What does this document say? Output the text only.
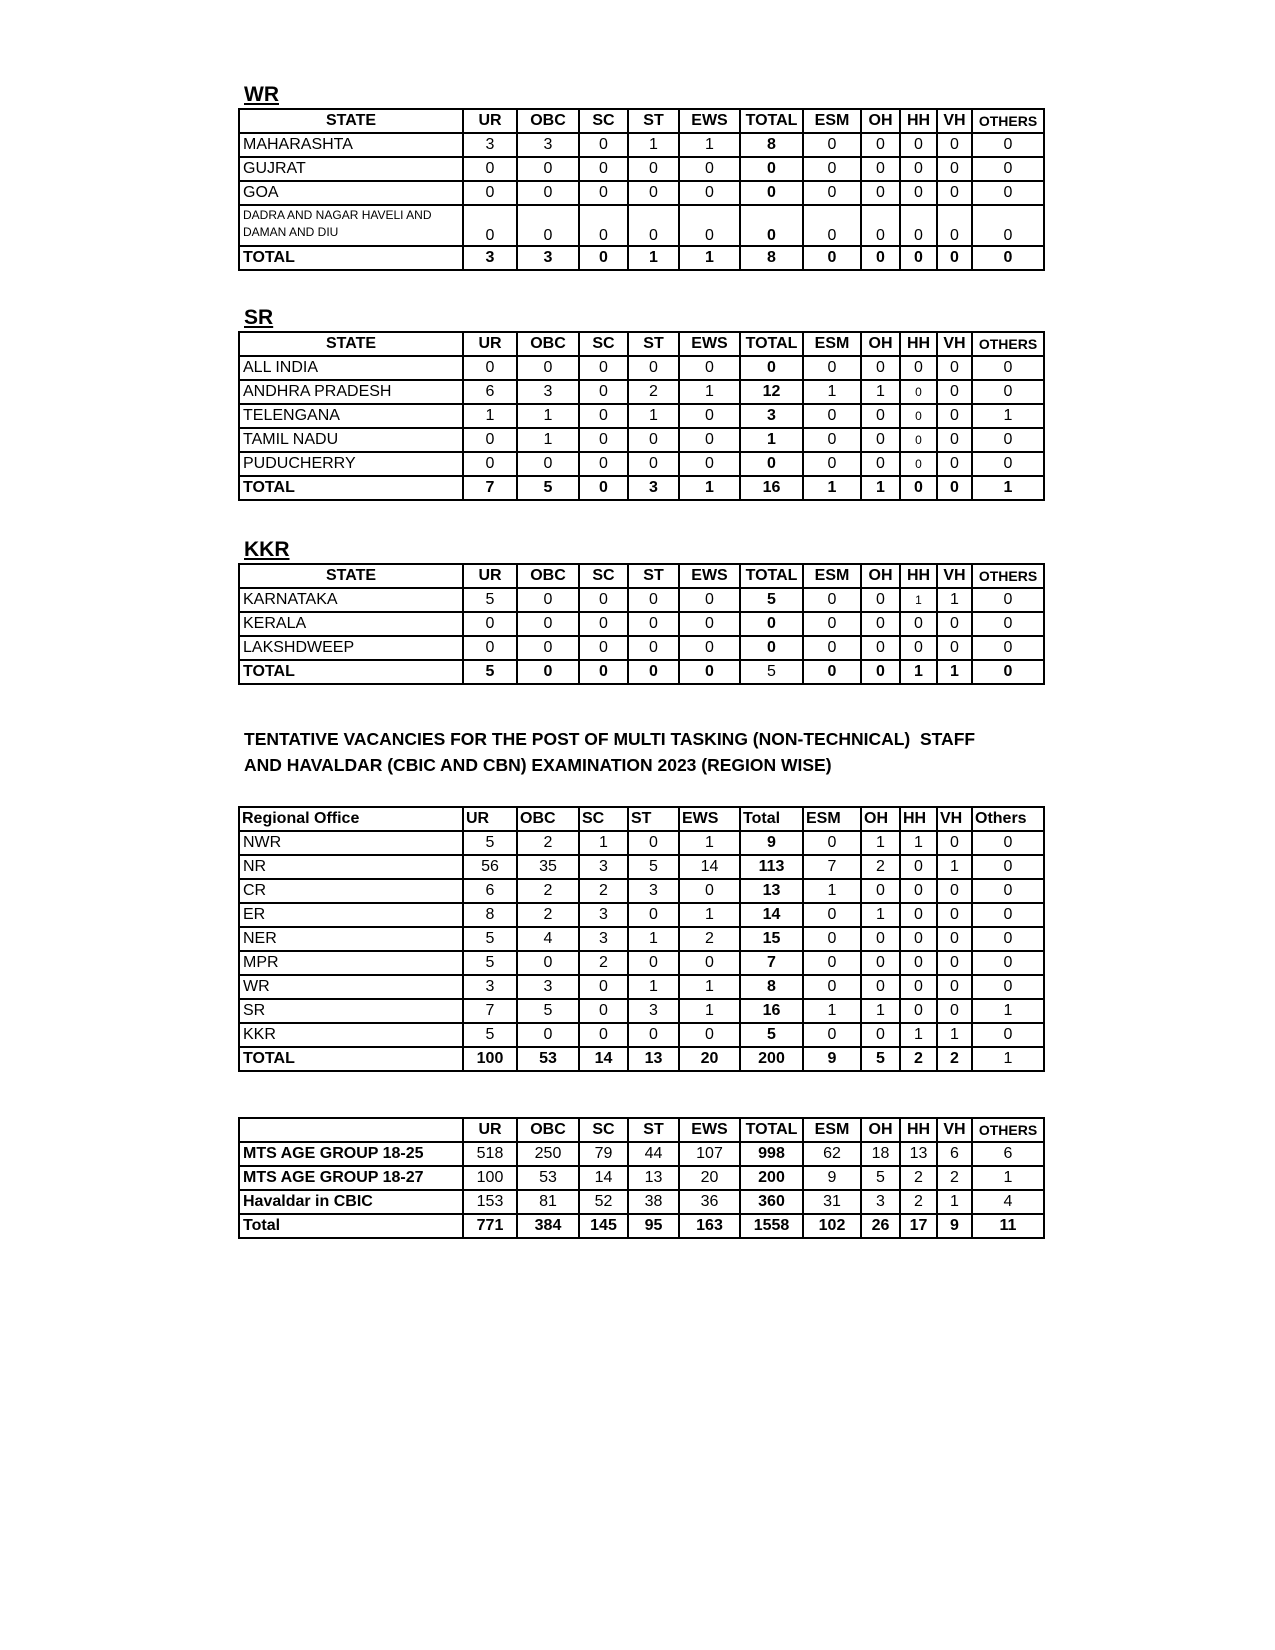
WR
STATE	UR	OBC	SC	ST	EWS	TOTAL	ESM	OH	HH	VH	OTHERS
MAHARASHTA	3	3	0	1	1	8	0	0	0	0	0
GUJRAT	0	0	0	0	0	0	0	0	0	0	0
GOA	0	0	0	0	0	0	0	0	0	0	0
DADRA AND NAGAR HAVELI AND DAMAN AND DIU	0	0	0	0	0	0	0	0	0	0	0
TOTAL	3	3	0	1	1	8	0	0	0	0	0
SR
STATE	UR	OBC	SC	ST	EWS	TOTAL	ESM	OH	HH	VH	OTHERS
ALL INDIA	0	0	0	0	0	0	0	0	0	0	0
ANDHRA PRADESH	6	3	0	2	1	12	1	1	0	0	0
TELENGANA	1	1	0	1	0	3	0	0	0	0	1
TAMIL NADU	0	1	0	0	0	1	0	0	0	0	0
PUDUCHERRY	0	0	0	0	0	0	0	0	0	0	0
TOTAL	7	5	0	3	1	16	1	1	0	0	1
KKR
STATE	UR	OBC	SC	ST	EWS	TOTAL	ESM	OH	HH	VH	OTHERS
KARNATAKA	5	0	0	0	0	5	0	0	1	1	0
KERALA	0	0	0	0	0	0	0	0	0	0	0
LAKSHDWEEP	0	0	0	0	0	0	0	0	0	0	0
TOTAL	5	0	0	0	0	5	0	0	1	1	0
TENTATIVE VACANCIES FOR THE POST OF MULTI TASKING (NON-TECHNICAL)  STAFF
AND HAVALDAR (CBIC AND CBN) EXAMINATION 2023 (REGION WISE)
Regional Office	UR	OBC	SC	ST	EWS	Total	ESM	OH	HH	VH	Others
NWR	5	2	1	0	1	9	0	1	1	0	0
NR	56	35	3	5	14	113	7	2	0	1	0
CR	6	2	2	3	0	13	1	0	0	0	0
ER	8	2	3	0	1	14	0	1	0	0	0
NER	5	4	3	1	2	15	0	0	0	0	0
MPR	5	0	2	0	0	7	0	0	0	0	0
WR	3	3	0	1	1	8	0	0	0	0	0
SR	7	5	0	3	1	16	1	1	0	0	1
KKR	5	0	0	0	0	5	0	0	1	1	0
TOTAL	100	53	14	13	20	200	9	5	2	2	1
	UR	OBC	SC	ST	EWS	TOTAL	ESM	OH	HH	VH	OTHERS
MTS AGE GROUP 18-25	518	250	79	44	107	998	62	18	13	6	6
MTS AGE GROUP 18-27	100	53	14	13	20	200	9	5	2	2	1
Havaldar in CBIC	153	81	52	38	36	360	31	3	2	1	4
Total	771	384	145	95	163	1558	102	26	17	9	11
